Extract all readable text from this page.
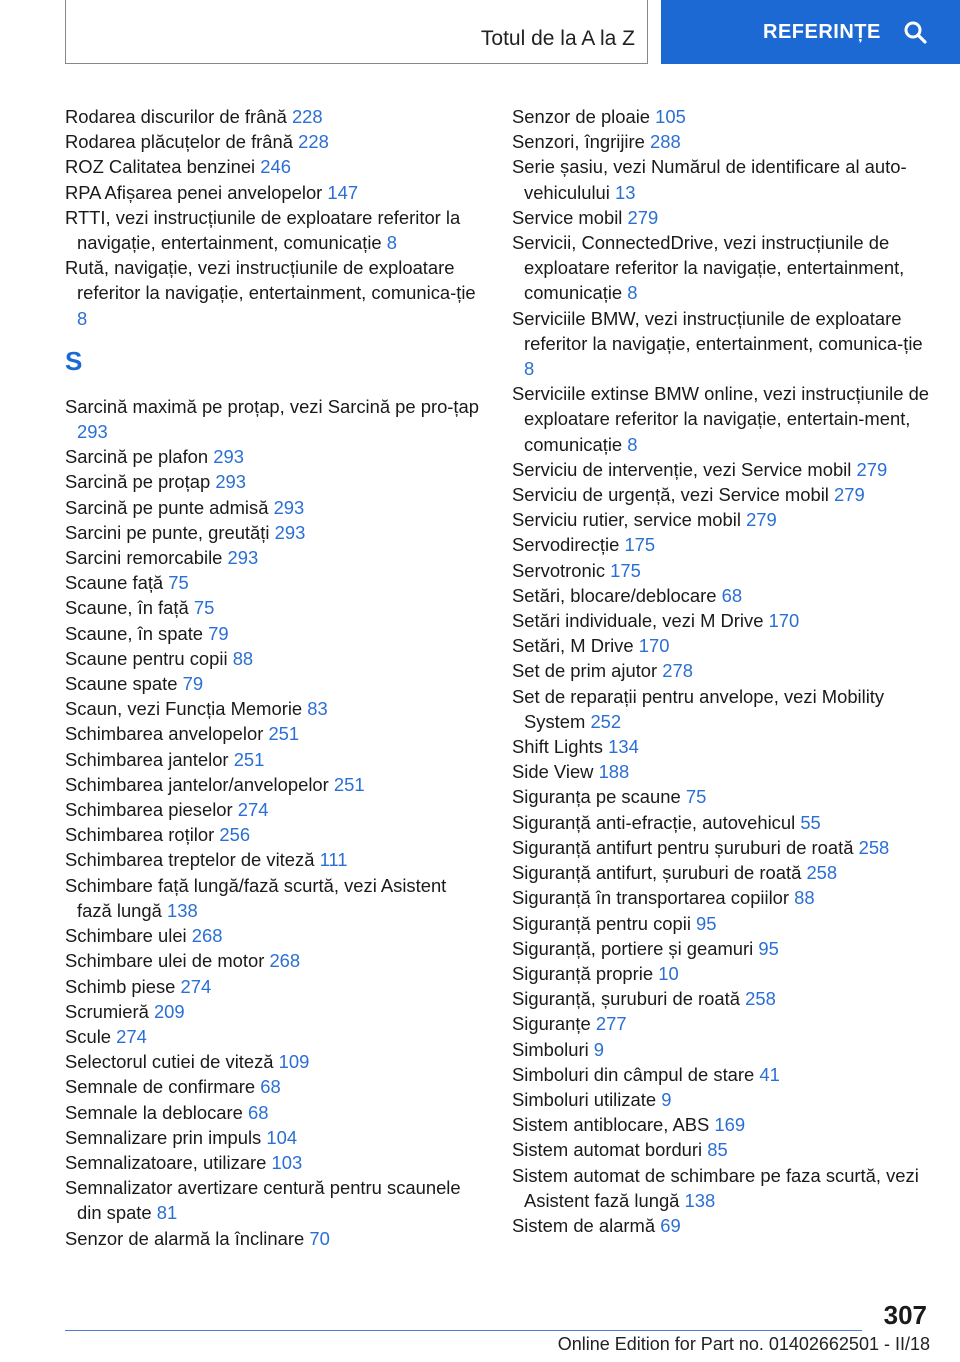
Totul de la A la Z	REFERINȚE
Rodarea discurilor de frână 228
Rodarea plăcuțelor de frână 228
ROZ Calitatea benzinei 246
RPA Afișarea penei anvelopelor 147
RTTI, vezi instrucțiunile de exploatare referitor la navigație, entertainment, comunicație 8
Rută, navigație, vezi instrucțiunile de exploatare referitor la navigație, entertainment, comunica-ție 8
S
Sarcină maximă pe proțap, vezi Sarcină pe pro-țap 293
Sarcină pe plafon 293
Sarcină pe proțap 293
Sarcină pe punte admisă 293
Sarcini pe punte, greutăți 293
Sarcini remorcabile 293
Scaune față 75
Scaune, în față 75
Scaune, în spate 79
Scaune pentru copii 88
Scaune spate 79
Scaun, vezi Funcția Memorie 83
Schimbarea anvelopelor 251
Schimbarea jantelor 251
Schimbarea jantelor/anvelopelor 251
Schimbarea pieselor 274
Schimbarea roților 256
Schimbarea treptelor de viteză 111
Schimbare față lungă/fază scurtă, vezi Asistent fază lungă 138
Schimbare ulei 268
Schimbare ulei de motor 268
Schimb piese 274
Scrumieră 209
Scule 274
Selectorul cutiei de viteză 109
Semnale de confirmare 68
Semnale la deblocare 68
Semnalizare prin impuls 104
Semnalizatoare, utilizare 103
Semnalizator avertizare centură pentru scaunele din spate 81
Senzor de alarmă la înclinare 70
Senzor de ploaie 105
Senzori, îngrijire 288
Serie șasiu, vezi Numărul de identificare al auto-vehiculului 13
Service mobil 279
Servicii, ConnectedDrive, vezi instrucțiunile de exploatare referitor la navigație, entertainment, comunicație 8
Serviciile BMW, vezi instrucțiunile de exploatare referitor la navigație, entertainment, comunica-ție 8
Serviciile extinse BMW online, vezi instrucțiunile de exploatare referitor la navigație, entertain-ment, comunicație 8
Serviciu de intervenție, vezi Service mobil 279
Serviciu de urgență, vezi Service mobil 279
Serviciu rutier, service mobil 279
Servodirecție 175
Servotronic 175
Setări, blocare/deblocare 68
Setări individuale, vezi M Drive 170
Setări, M Drive 170
Set de prim ajutor 278
Set de reparații pentru anvelope, vezi Mobility System 252
Shift Lights 134
Side View 188
Siguranța pe scaune 75
Siguranță anti-efracție, autovehicul 55
Siguranță antifurt pentru șuruburi de roată 258
Siguranță antifurt, șuruburi de roată 258
Siguranță în transportarea copiilor 88
Siguranță pentru copii 95
Siguranță, portiere și geamuri 95
Siguranță proprie 10
Siguranță, șuruburi de roată 258
Siguranțe 277
Simboluri 9
Simboluri din câmpul de stare 41
Simboluri utilizate 9
Sistem antiblocare, ABS 169
Sistem automat borduri 85
Sistem automat de schimbare pe faza scurtă, vezi Asistent fază lungă 138
Sistem de alarmă 69
307
Online Edition for Part no. 01402662501 - II/18
